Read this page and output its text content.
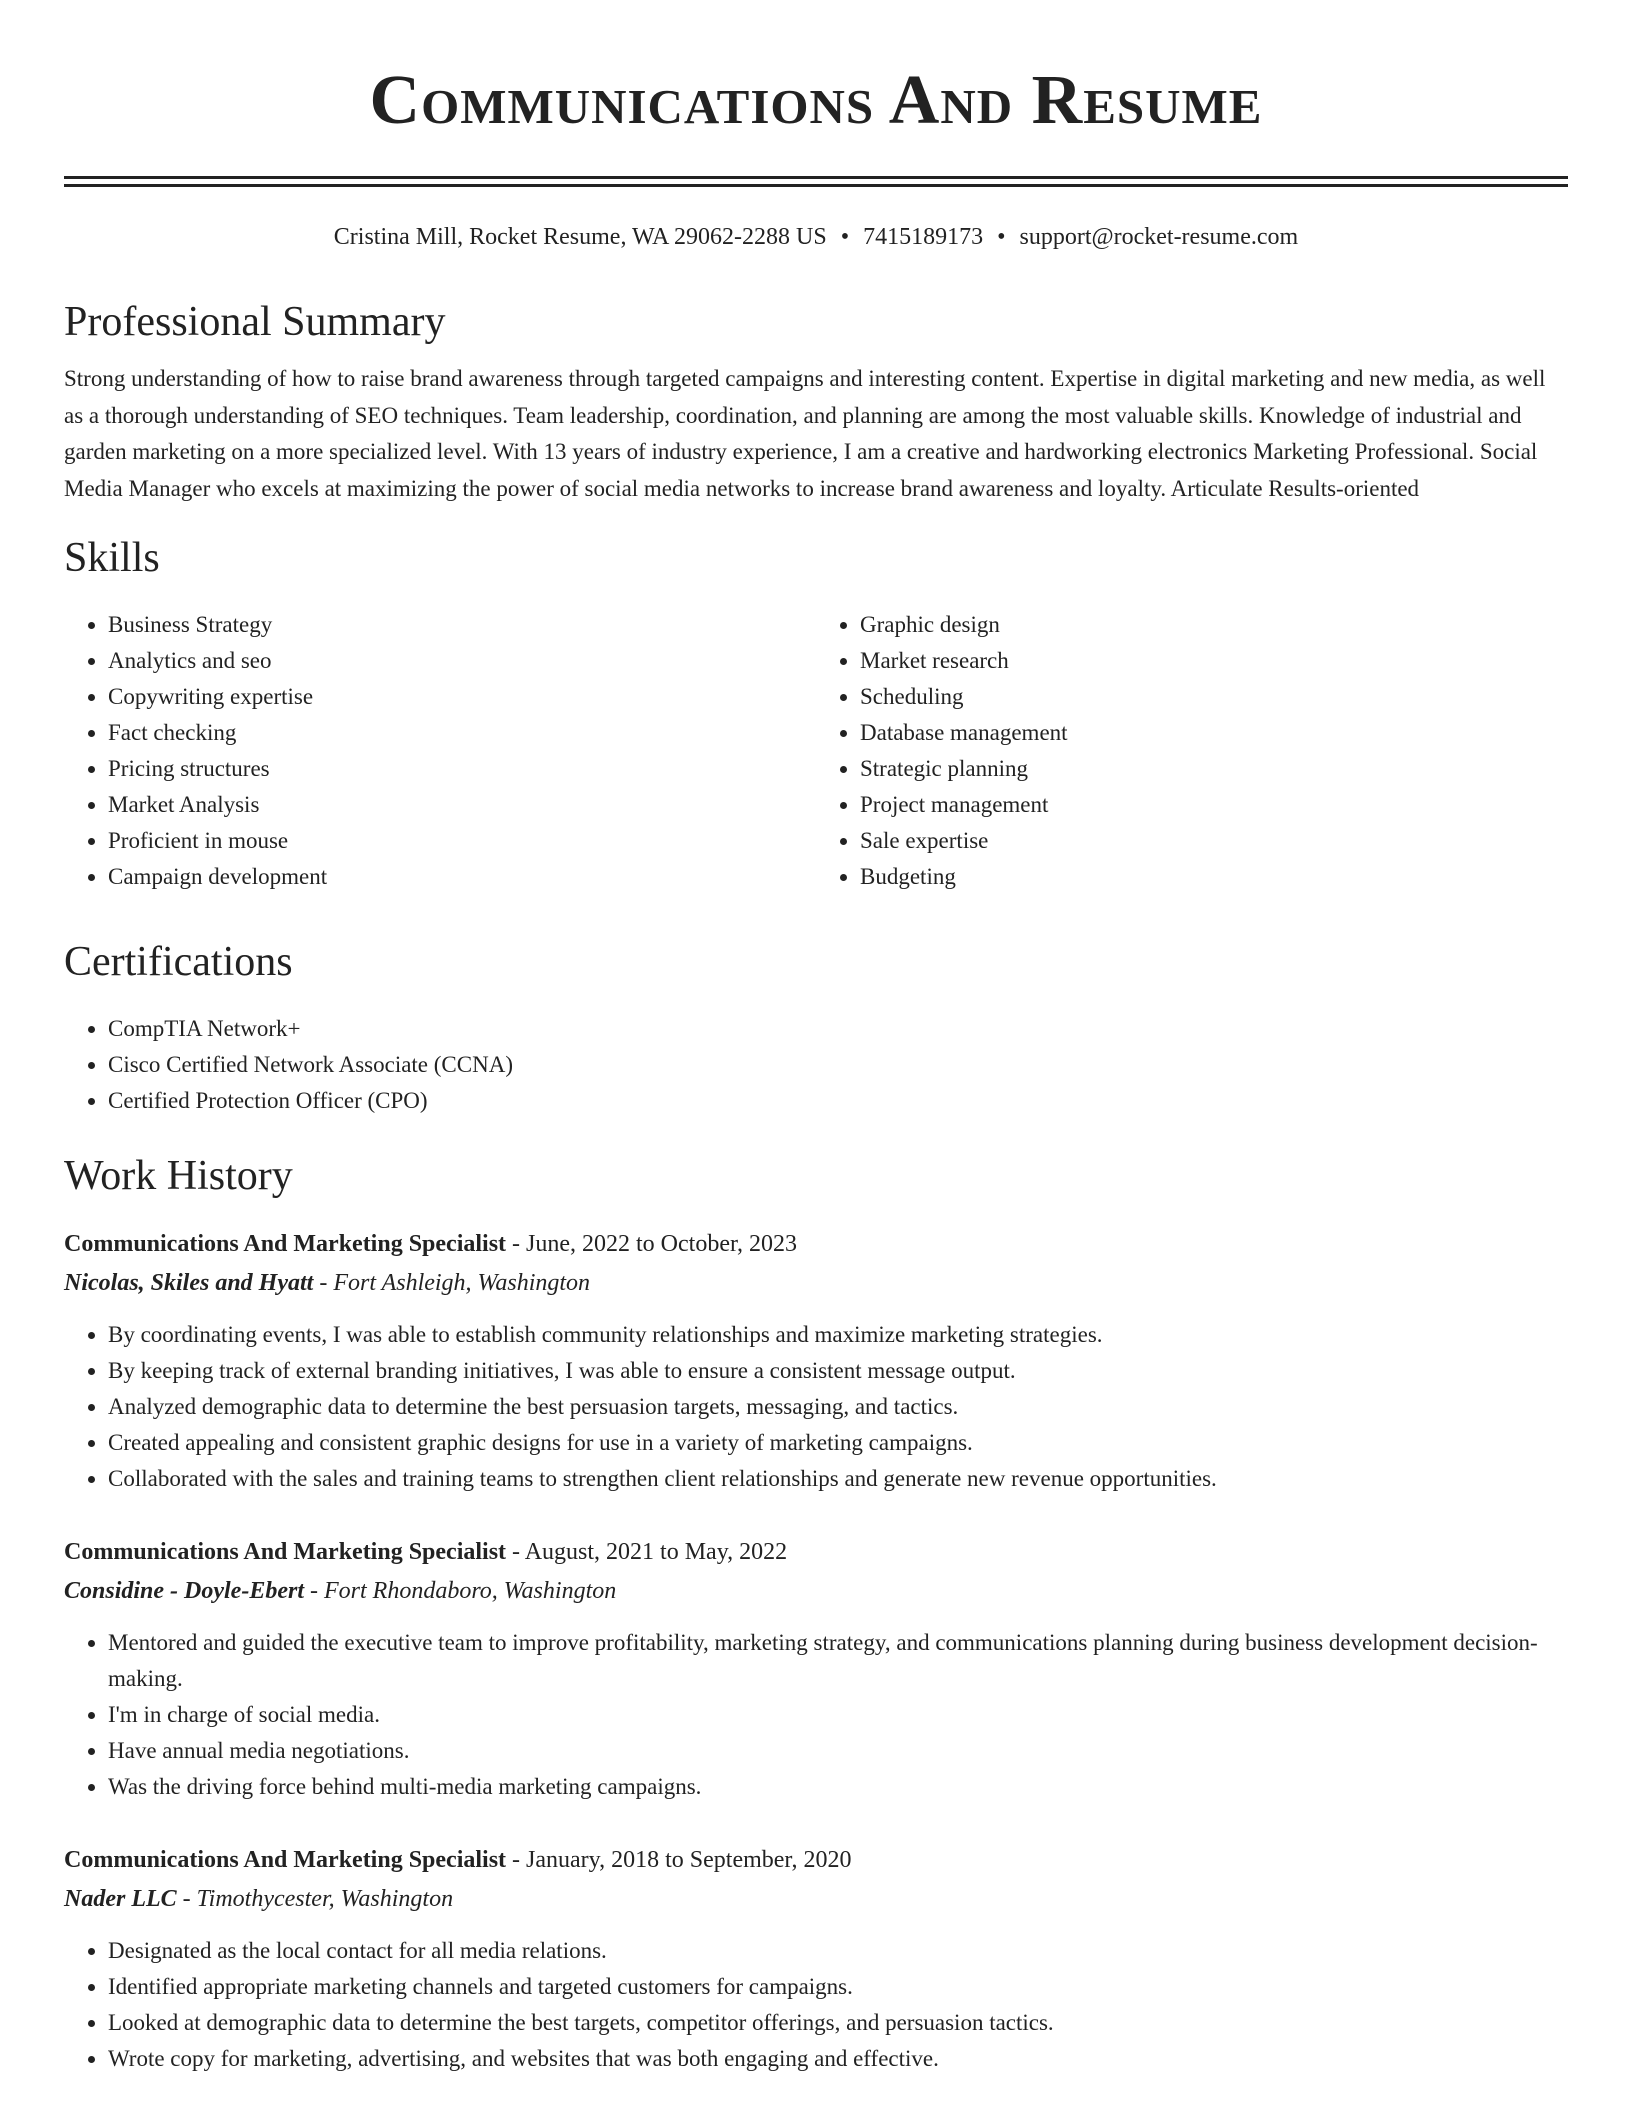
Communications And Resume
Cristina Mill, Rocket Resume, WA 29062-2288 US • 7415189173 • support@rocket-resume.com
Professional Summary

Strong understanding of how to raise brand awareness through targeted campaigns and interesting content. Expertise in digital marketing and new media, as well as a thorough understanding of SEO techniques. Team leadership, coordination, and planning are among the most valuable skills. Knowledge of industrial and garden marketing on a more specialized level. With 13 years of industry experience, I am a creative and hardworking electronics Marketing Professional. Social Media Manager who excels at maximizing the power of social media networks to increase brand awareness and loyalty. Articulate Results-oriented

Skills
• Business Strategy
• Analytics and seo
• Copywriting expertise
• Fact checking
• Pricing structures
• Market Analysis
• Proficient in mouse
• Campaign development
• Graphic design
• Market research
• Scheduling
• Database management
• Strategic planning
• Project management
• Sale expertise
• Budgeting
Certifications
• CompTIA Network+
• Cisco Certified Network Associate (CCNA)
• Certified Protection Officer (CPO)
Work History
Communications And Marketing Specialist - June, 2022 to October, 2023
Nicolas, Skiles and Hyatt - Fort Ashleigh, Washington
• By coordinating events, I was able to establish community relationships and maximize marketing strategies.
• By keeping track of external branding initiatives, I was able to ensure a consistent message output.
• Analyzed demographic data to determine the best persuasion targets, messaging, and tactics.
• Created appealing and consistent graphic designs for use in a variety of marketing campaigns.
• Collaborated with the sales and training teams to strengthen client relationships and generate new revenue opportunities.
Communications And Marketing Specialist - August, 2021 to May, 2022
Considine - Doyle-Ebert - Fort Rhondaboro, Washington
• Mentored and guided the executive team to improve profitability, marketing strategy, and communications planning during business development decision-making.
• I'm in charge of social media.
• Have annual media negotiations.
• Was the driving force behind multi-media marketing campaigns.
Communications And Marketing Specialist - January, 2018 to September, 2020
Nader LLC - Timothycester, Washington
• Designated as the local contact for all media relations.
• Identified appropriate marketing channels and targeted customers for campaigns.
• Looked at demographic data to determine the best targets, competitor offerings, and persuasion tactics.
• Wrote copy for marketing, advertising, and websites that was both engaging and effective.
